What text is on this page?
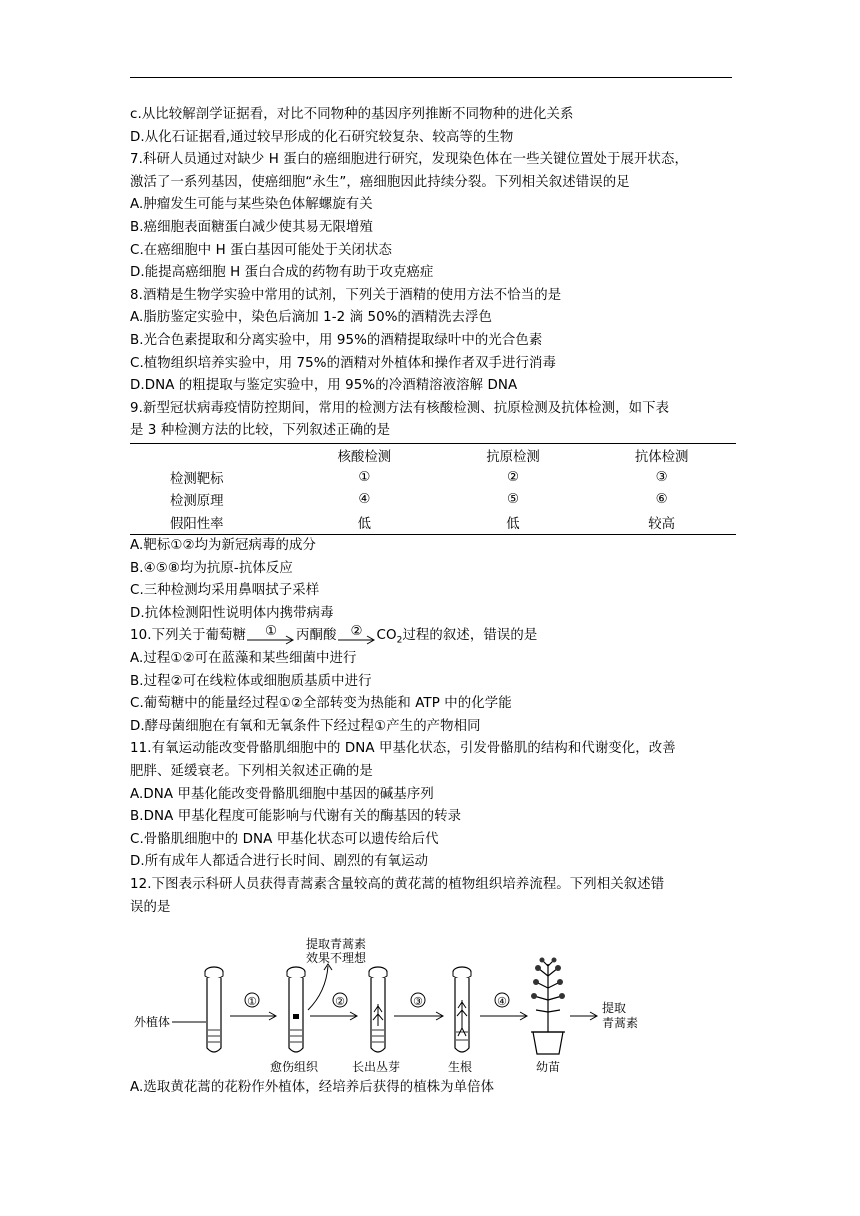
c.从比较解剖学证据看，对比不同物种的基因序列推断不同物种的进化关系
D.从化石证据看,通过较早形成的化石研究较复杂、较高等的生物
7.科研人员通过对缺少 H 蛋白的癌细胞进行研究，发现染色体在一些关键位置处于展开状态，
激活了一系列基因，使癌细胞“永生”，癌细胞因此持续分裂。下列相关叙述错误的足
A.肿瘤发生可能与某些染色体解螺旋有关
B.癌细胞表面糖蛋白减少使其易无限增殖
C.在癌细胞中 H 蛋白基因可能处于关闭状态
D.能提高癌细胞 H 蛋白合成的药物有助于攻克癌症
8.酒精是生物学实验中常用的试剂，下列关于酒精的使用方法不恰当的是
A.脂肪鉴定实验中，染色后滴加 1-2 滴 50%的酒精洗去浮色
B.光合色素提取和分离实验中，用 95%的酒精提取绿叶中的光合色素
C.植物组织培养实验中，用 75%的酒精对外植体和操作者双手进行消毒
D.DNA 的粗提取与鉴定实验中，用 95%的冷酒精溶液溶解 DNA
9.新型冠状病毒疫情防控期间，常用的检测方法有核酸检测、抗原检测及抗体检测，如下表
是 3 种检测方法的比较，下列叙述正确的是
	核酸检测	抗原检测	抗体检测
检测靶标	①	②	③
检测原理	④	⑤	⑥
假阳性率	低	低	较高
A.靶标①②均为新冠病毒的成分
B.④⑤⑧均为抗原-抗体反应
C.三种检测均采用鼻咽拭子采样
D.抗体检测阳性说明体内携带病毒
10.下列关于葡萄糖 ① 丙酮酸 ② $CO_2$过程的叙述，错误的是
A.过程①②可在蓝藻和某些细菌中进行
B.过程②可在线粒体或细胞质基质中进行
C.葡萄糖中的能量经过程①②全部转变为热能和 ATP 中的化学能
D.酵母菌细胞在有氧和无氧条件下经过程①产生的产物相同
11.有氧运动能改变骨骼肌细胞中的 DNA 甲基化状态，引发骨骼肌的结构和代谢变化，改善
肥胖、延缓衰老。下列相关叙述正确的是
A.DNA 甲基化能改变骨骼肌细胞中基因的碱基序列
B.DNA 甲基化程度可能影响与代谢有关的酶基因的转录
C.骨骼肌细胞中的 DNA 甲基化状态可以遗传给后代
D.所有成年人都适合进行长时间、剧烈的有氧运动
12.下图表示科研人员获得青蒿素含量较高的黄花蒿的植物组织培养流程。下列相关叙述错
误的是
外植体
①
愈伤组织
提取青蒿素
效果不理想
②
长出丛芽
③
生根
④
幼苗
提取
青蒿素
A.选取黄花蒿的花粉作外植体，经培养后获得的植株为单倍体
